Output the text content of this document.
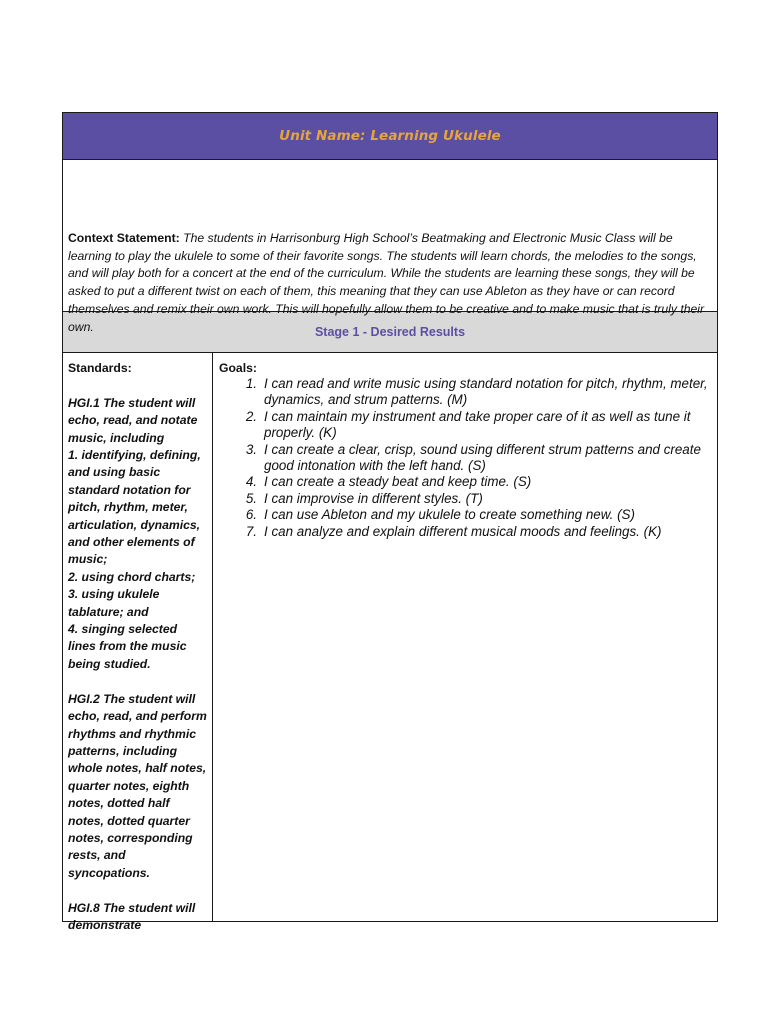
Unit Name: Learning Ukulele
Context Statement: The students in Harrisonburg High School’s Beatmaking and Electronic Music Class will be learning to play the ukulele to some of their favorite songs. The students will learn chords, the melodies to the songs, and will play both for a concert at the end of the curriculum. While the students are learning these songs, they will be asked to put a different twist on each of them, this meaning that they can use Ableton as they have or can record themselves and remix their own work. This will hopefully allow them to be creative and to make music that is truly their own.	Stage 1 - Desired Results
Standards:
HGI.1 The student will echo, read, and notate music, including
1. identifying, defining, and using basic standard notation for pitch, rhythm, meter, articulation, dynamics, and other elements of music;
2. using chord charts;
3. using ukulele tablature; and
4. singing selected lines from the music being studied.
HGI.2 The student will echo, read, and perform rhythms and rhythmic patterns, including whole notes, half notes, quarter notes, eighth notes, dotted half notes, dotted quarter notes, corresponding rests, and syncopations.
HGI.8 The student will demonstrate
Goals:
1. I can read and write music using standard notation for pitch, rhythm, meter, dynamics, and strum patterns. (M)
2. I can maintain my instrument and take proper care of it as well as tune it properly. (K)
3. I can create a clear, crisp, sound using different strum patterns and create good intonation with the left hand. (S)
4. I can create a steady beat and keep time. (S)
5. I can improvise in different styles. (T)
6. I can use Ableton and my ukulele to create something new. (S)
7. I can analyze and explain different musical moods and feelings. (K)
